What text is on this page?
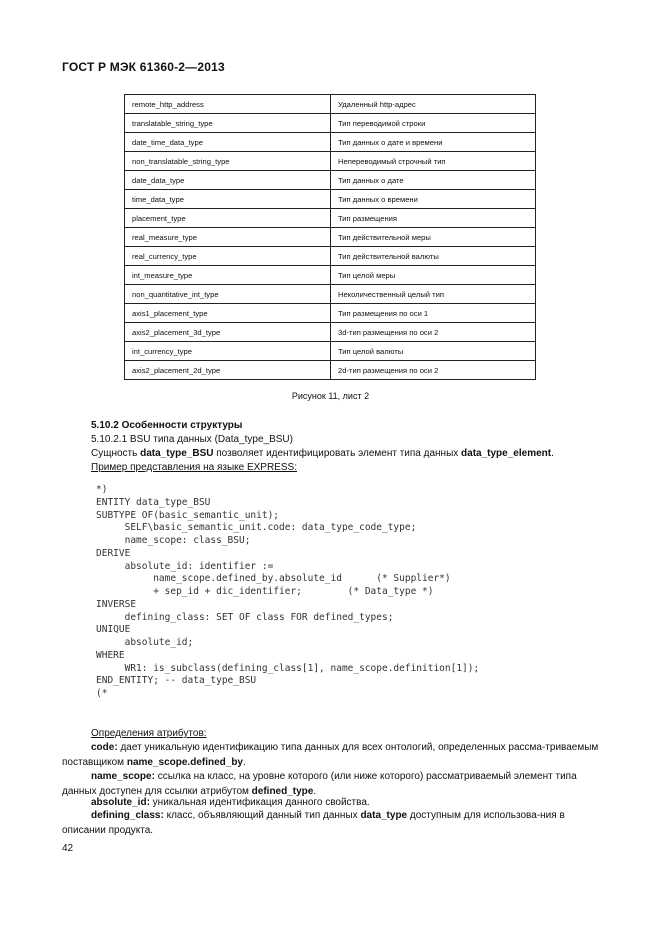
ГОСТ Р МЭК 61360-2—2013
remote_http_address	Удаленный http-адрес
translatable_string_type	Тип переводимой строки
date_time_data_type	Тип данных о дате и времени
non_translatable_string_type	Непереводимый строчный тип
date_data_type	Тип данных о дате
time_data_type	Тип данных о времени
placement_type	Тип размещения
real_measure_type	Тип действительной меры
real_currency_type	Тип действительной валюты
int_measure_type	Тип целой меры
non_quantitative_int_type	Неколичественный целый тип
axis1_placement_type	Тип размещения по оси 1
axis2_placement_3d_type	3d-тип размещения по оси 2
int_currency_type	Тип целой валюты
axis2_placement_2d_type	2d-тип размещения по оси 2
Рисунок 11, лист 2
5.10.2 Особенности структуры
5.10.2.1 BSU типа данных (Data_type_BSU)
Сущность data_type_BSU позволяет идентифицировать элемент типа данных data_type_element.
Пример представления на языке EXPRESS:
*)
ENTITY data_type_BSU
SUBTYPE OF(basic_semantic_unit);
SELF\basic_semantic_unit.code: data_type_code_type;
name_scope: class_BSU;
DERIVE
absolute_id: identifier :=
name_scope.defined_by.absolute_id      (* Supplier*)
+ sep_id + dic_identifier;        (* Data_type *)
INVERSE
defining_class: SET OF class FOR defined_types;
UNIQUE
absolute_id;
WHERE
WR1: is_subclass(defining_class[1], name_scope.definition[1]);
END_ENTITY; -- data_type_BSU
(*
Определения атрибутов:
code: дает уникальную идентификацию типа данных для всех онтологий, определенных рассма-триваемым поставщиком name_scope.defined_by.
name_scope: ссылка на класс, на уровне которого (или ниже которого) рассматриваемый элемент типа данных доступен для ссылки атрибутом defined_type.
absolute_id: уникальная идентификация данного свойства.
defining_class: класс, объявляющий данный тип данных data_type доступным для использова-ния в описании продукта.
42
